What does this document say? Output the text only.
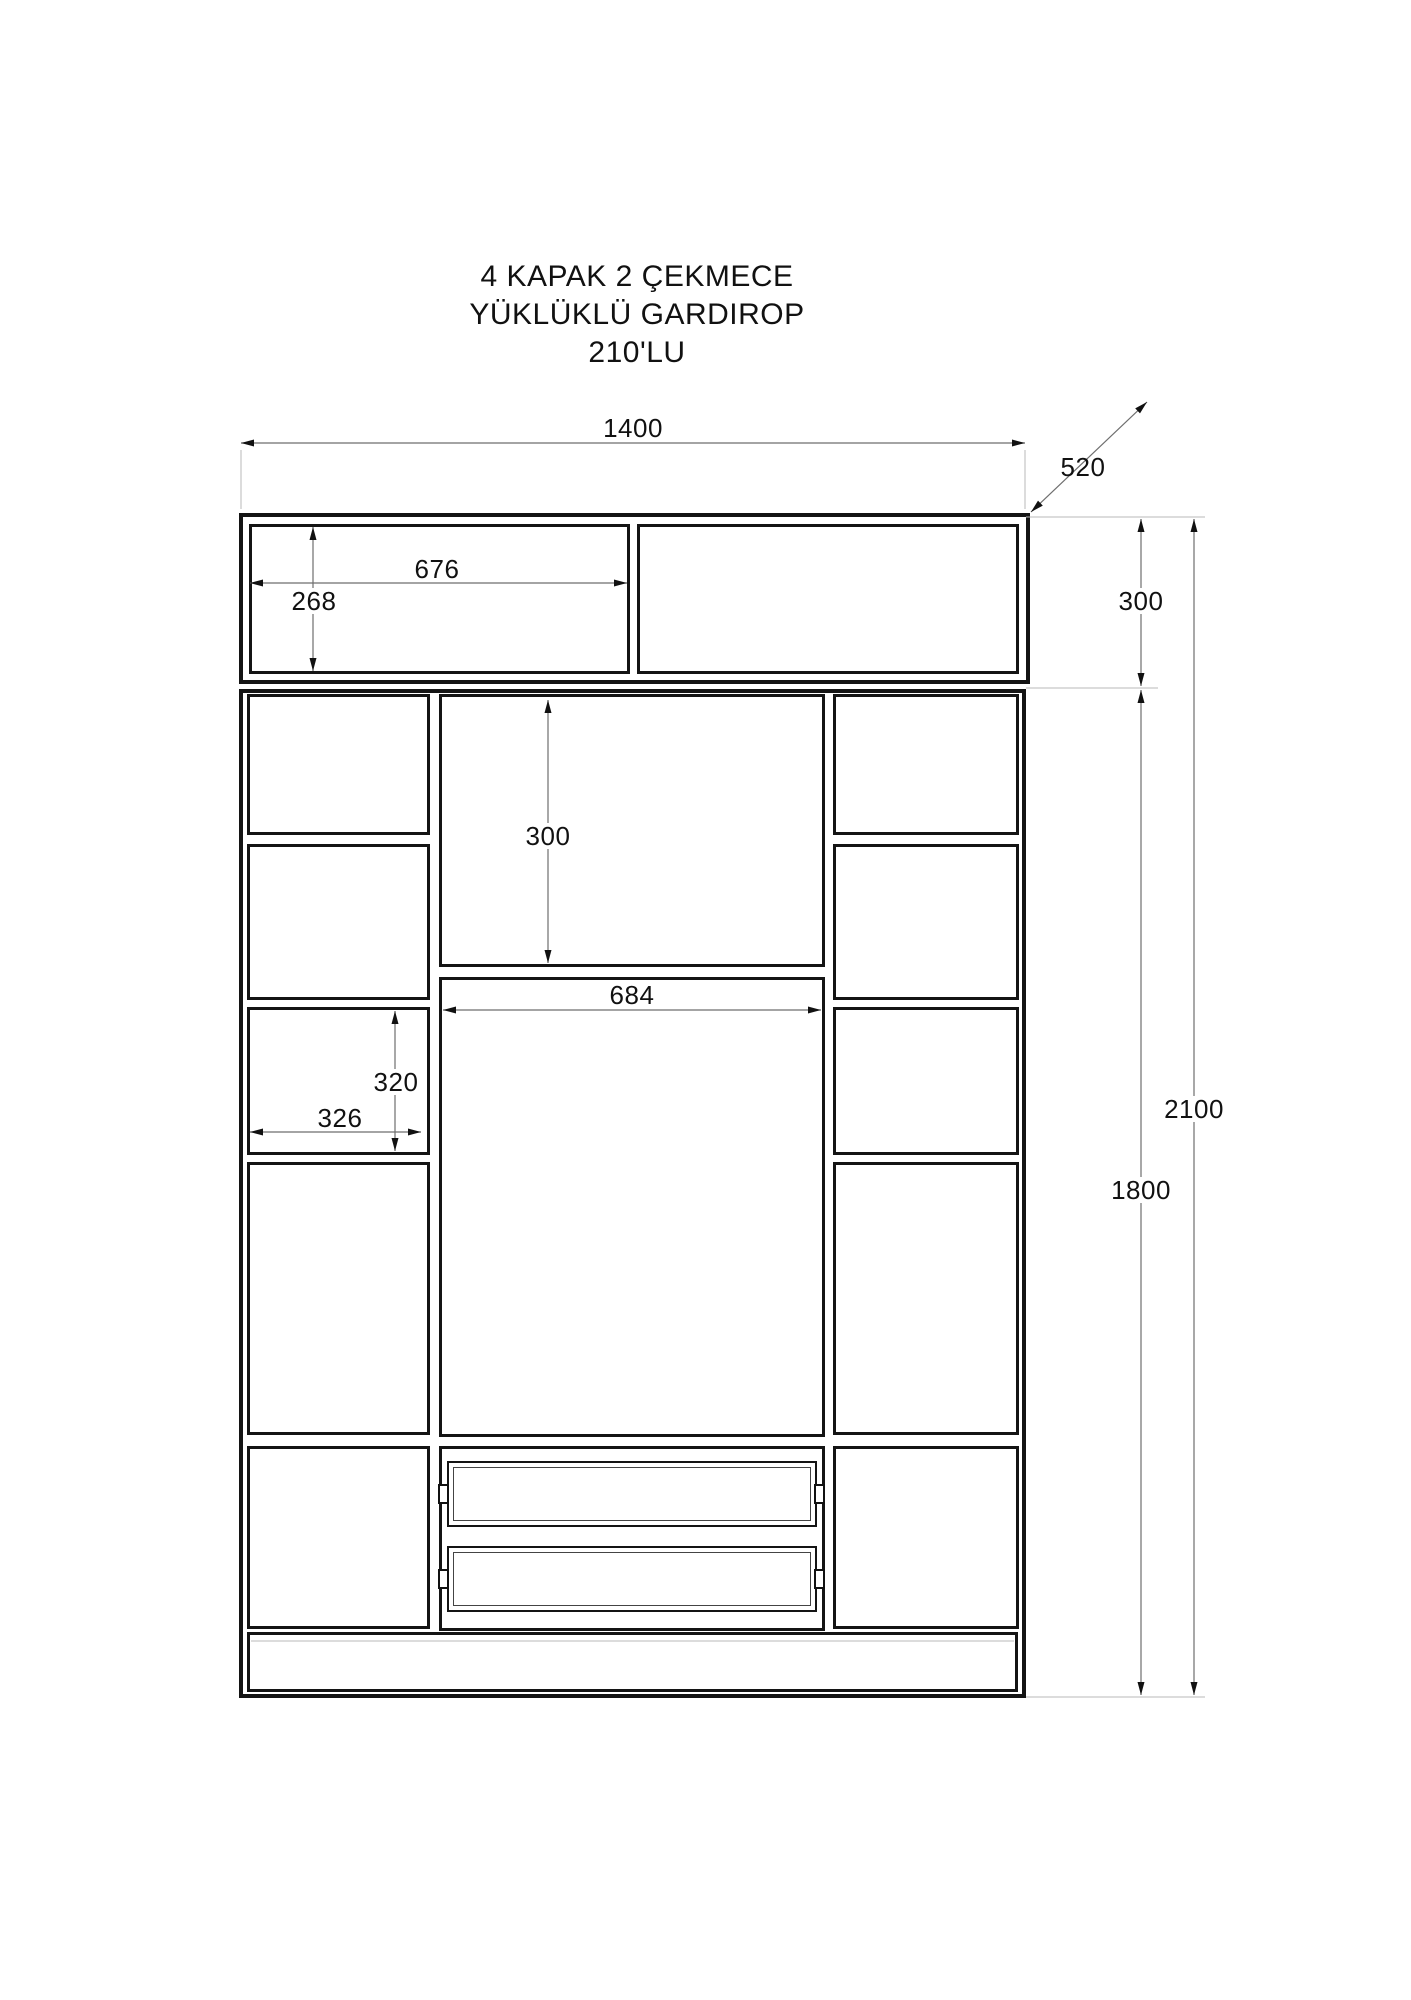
4 KAPAK 2 ÇEKMECE
YÜKLÜKLÜ GARDIROP
210'LU
1400
520
300
676
268
300
684
320
326
1800
2100
